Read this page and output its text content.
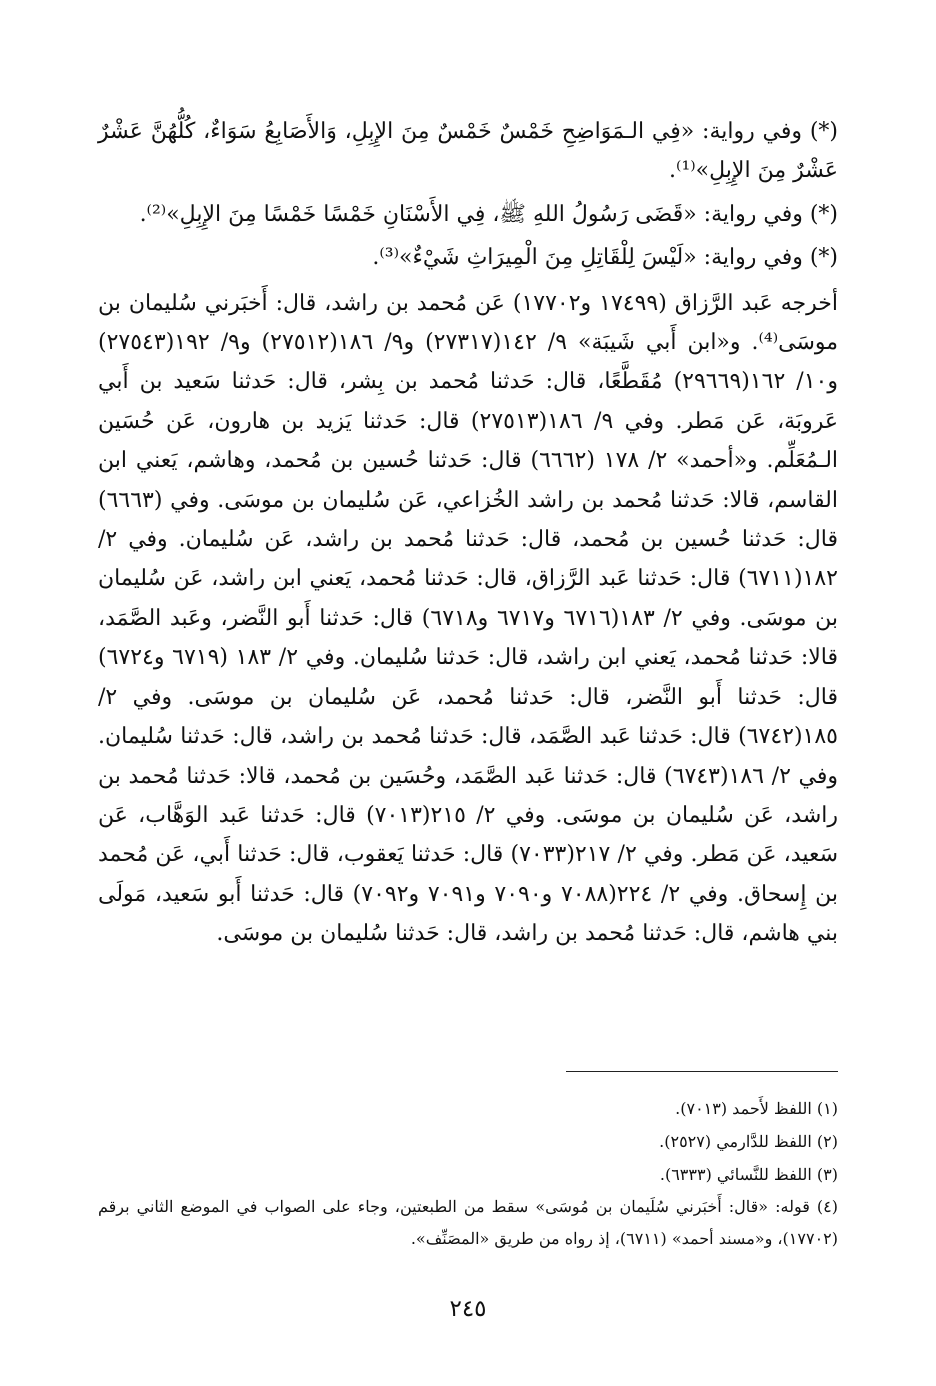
(*) وفي رواية: «فِي الـمَوَاضِحِ خَمْسٌ خَمْسٌ مِنَ الإِبِلِ، وَالأَصَابِعُ سَوَاءٌ، كُلُّهُنَّ عَشْرٌ عَشْرٌ مِنَ الإِبِلِ»⁽¹⁾.

(*) وفي رواية: «قَضَى رَسُولُ اللهِ ﷺ، فِي الأَسْنَانِ خَمْسًا خَمْسًا مِنَ الإِبِلِ»⁽²⁾.

(*) وفي رواية: «لَيْسَ لِلْقَاتِلِ مِنَ الْمِيرَاثِ شَيْءٌ»⁽³⁾.

أخرجه عَبد الرَّزاق (١٧٤٩٩ و١٧٧٠٢) عَن مُحمد بن راشد، قال: أَخبَرني سُليمان بن موسَى⁽⁴⁾. و«ابن أَبي شَيبَة» ٩/ ١٤٢(٢٧٣١٧) و٩/ ١٨٦(٢٧٥١٢) و٩/ ١٩٢(٢٧٥٤٣) و١٠/ ١٦٢(٢٩٦٦٩) مُقَطَّعًا، قال: حَدثنا مُحمد بن بِشر، قال: حَدثنا سَعيد بن أَبي عَروبَة، عَن مَطر. وفي ٩/ ١٨٦(٢٧٥١٣) قال: حَدثنا يَزيد بن هارون، عَن حُسَين الـمُعَلِّم. و«أحمد» ٢/ ١٧٨ (٦٦٦٢) قال: حَدثنا حُسين بن مُحمد، وهاشم، يَعني ابن القاسم، قالا: حَدثنا مُحمد بن راشد الخُزاعي، عَن سُليمان بن موسَى. وفي (٦٦٦٣) قال: حَدثنا حُسين بن مُحمد، قال: حَدثنا مُحمد بن راشد، عَن سُليمان. وفي ٢/ ١٨٢(٦٧١١) قال: حَدثنا عَبد الرَّزاق، قال: حَدثنا مُحمد، يَعني ابن راشد، عَن سُليمان بن موسَى. وفي ٢/ ١٨٣(٦٧١٦ و٦٧١٧ و٦٧١٨) قال: حَدثنا أَبو النَّضر، وعَبد الصَّمَد، قالا: حَدثنا مُحمد، يَعني ابن راشد، قال: حَدثنا سُليمان. وفي ٢/ ١٨٣ (٦٧١٩ و٦٧٢٤) قال: حَدثنا أَبو النَّضر، قال: حَدثنا مُحمد، عَن سُليمان بن موسَى. وفي ٢/ ١٨٥(٦٧٤٢) قال: حَدثنا عَبد الصَّمَد، قال: حَدثنا مُحمد بن راشد، قال: حَدثنا سُليمان. وفي ٢/ ١٨٦(٦٧٤٣) قال: حَدثنا عَبد الصَّمَد، وحُسَين بن مُحمد، قالا: حَدثنا مُحمد بن راشد، عَن سُليمان بن موسَى. وفي ٢/ ٢١٥(٧٠١٣) قال: حَدثنا عَبد الوَهَّاب، عَن سَعيد، عَن مَطر. وفي ٢/ ٢١٧(٧٠٣٣) قال: حَدثنا يَعقوب، قال: حَدثنا أَبي، عَن مُحمد بن إِسحاق. وفي ٢/ ٢٢٤(٧٠٨٨ و٧٠٩٠ و٧٠٩١ و٧٠٩٢) قال: حَدثنا أَبو سَعيد، مَولَى بني هاشم، قال: حَدثنا مُحمد بن راشد، قال: حَدثنا سُليمان بن موسَى.

(١) اللفظ لأَحمد (٧٠١٣).

(٢) اللفظ للدَّارمي (٢٥٢٧).

(٣) اللفظ للنَّسائي (٦٣٣٣).

(٤) قوله: «قال: أَخبَرني سُلَيمان بن مُوسَى» سقط من الطبعتين، وجاء على الصواب في الموضع الثاني برقم (١٧٧٠٢)، و«مسند أحمد» (٦٧١١)، إذ رواه من طريق «المصَنِّف».

٢٤٥
